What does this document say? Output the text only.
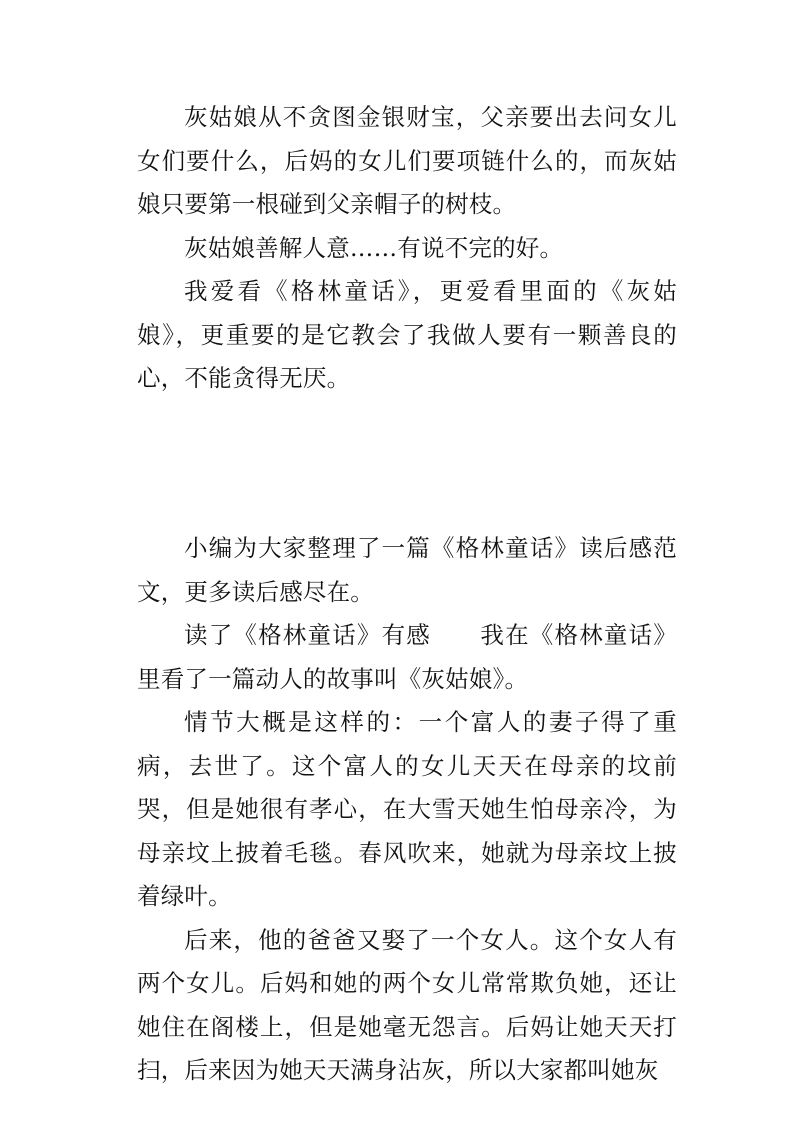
灰姑娘从不贪图金银财宝，父亲要出去问女儿女们要什么，后妈的女儿们要项链什么的，而灰姑娘只要第一根碰到父亲帽子的树枝。

灰姑娘善解人意……有说不完的好。

我爱看《格林童话》，更爱看里面的《灰姑娘》，更重要的是它教会了我做人要有一颗善良的心，不能贪得无厌。

小编为大家整理了一篇《格林童话》读后感范文，更多读后感尽在。

读了《格林童话》有感　　我在《格林童话》里看了一篇动人的故事叫《灰姑娘》。

情节大概是这样的：一个富人的妻子得了重病，去世了。这个富人的女儿天天在母亲的坟前哭，但是她很有孝心，在大雪天她生怕母亲冷，为母亲坟上披着毛毯。春风吹来，她就为母亲坟上披着绿叶。

后来，他的爸爸又娶了一个女人。这个女人有两个女儿。后妈和她的两个女儿常常欺负她，还让她住在阁楼上，但是她毫无怨言。后妈让她天天打扫，后来因为她天天满身沾灰，所以大家都叫她灰
